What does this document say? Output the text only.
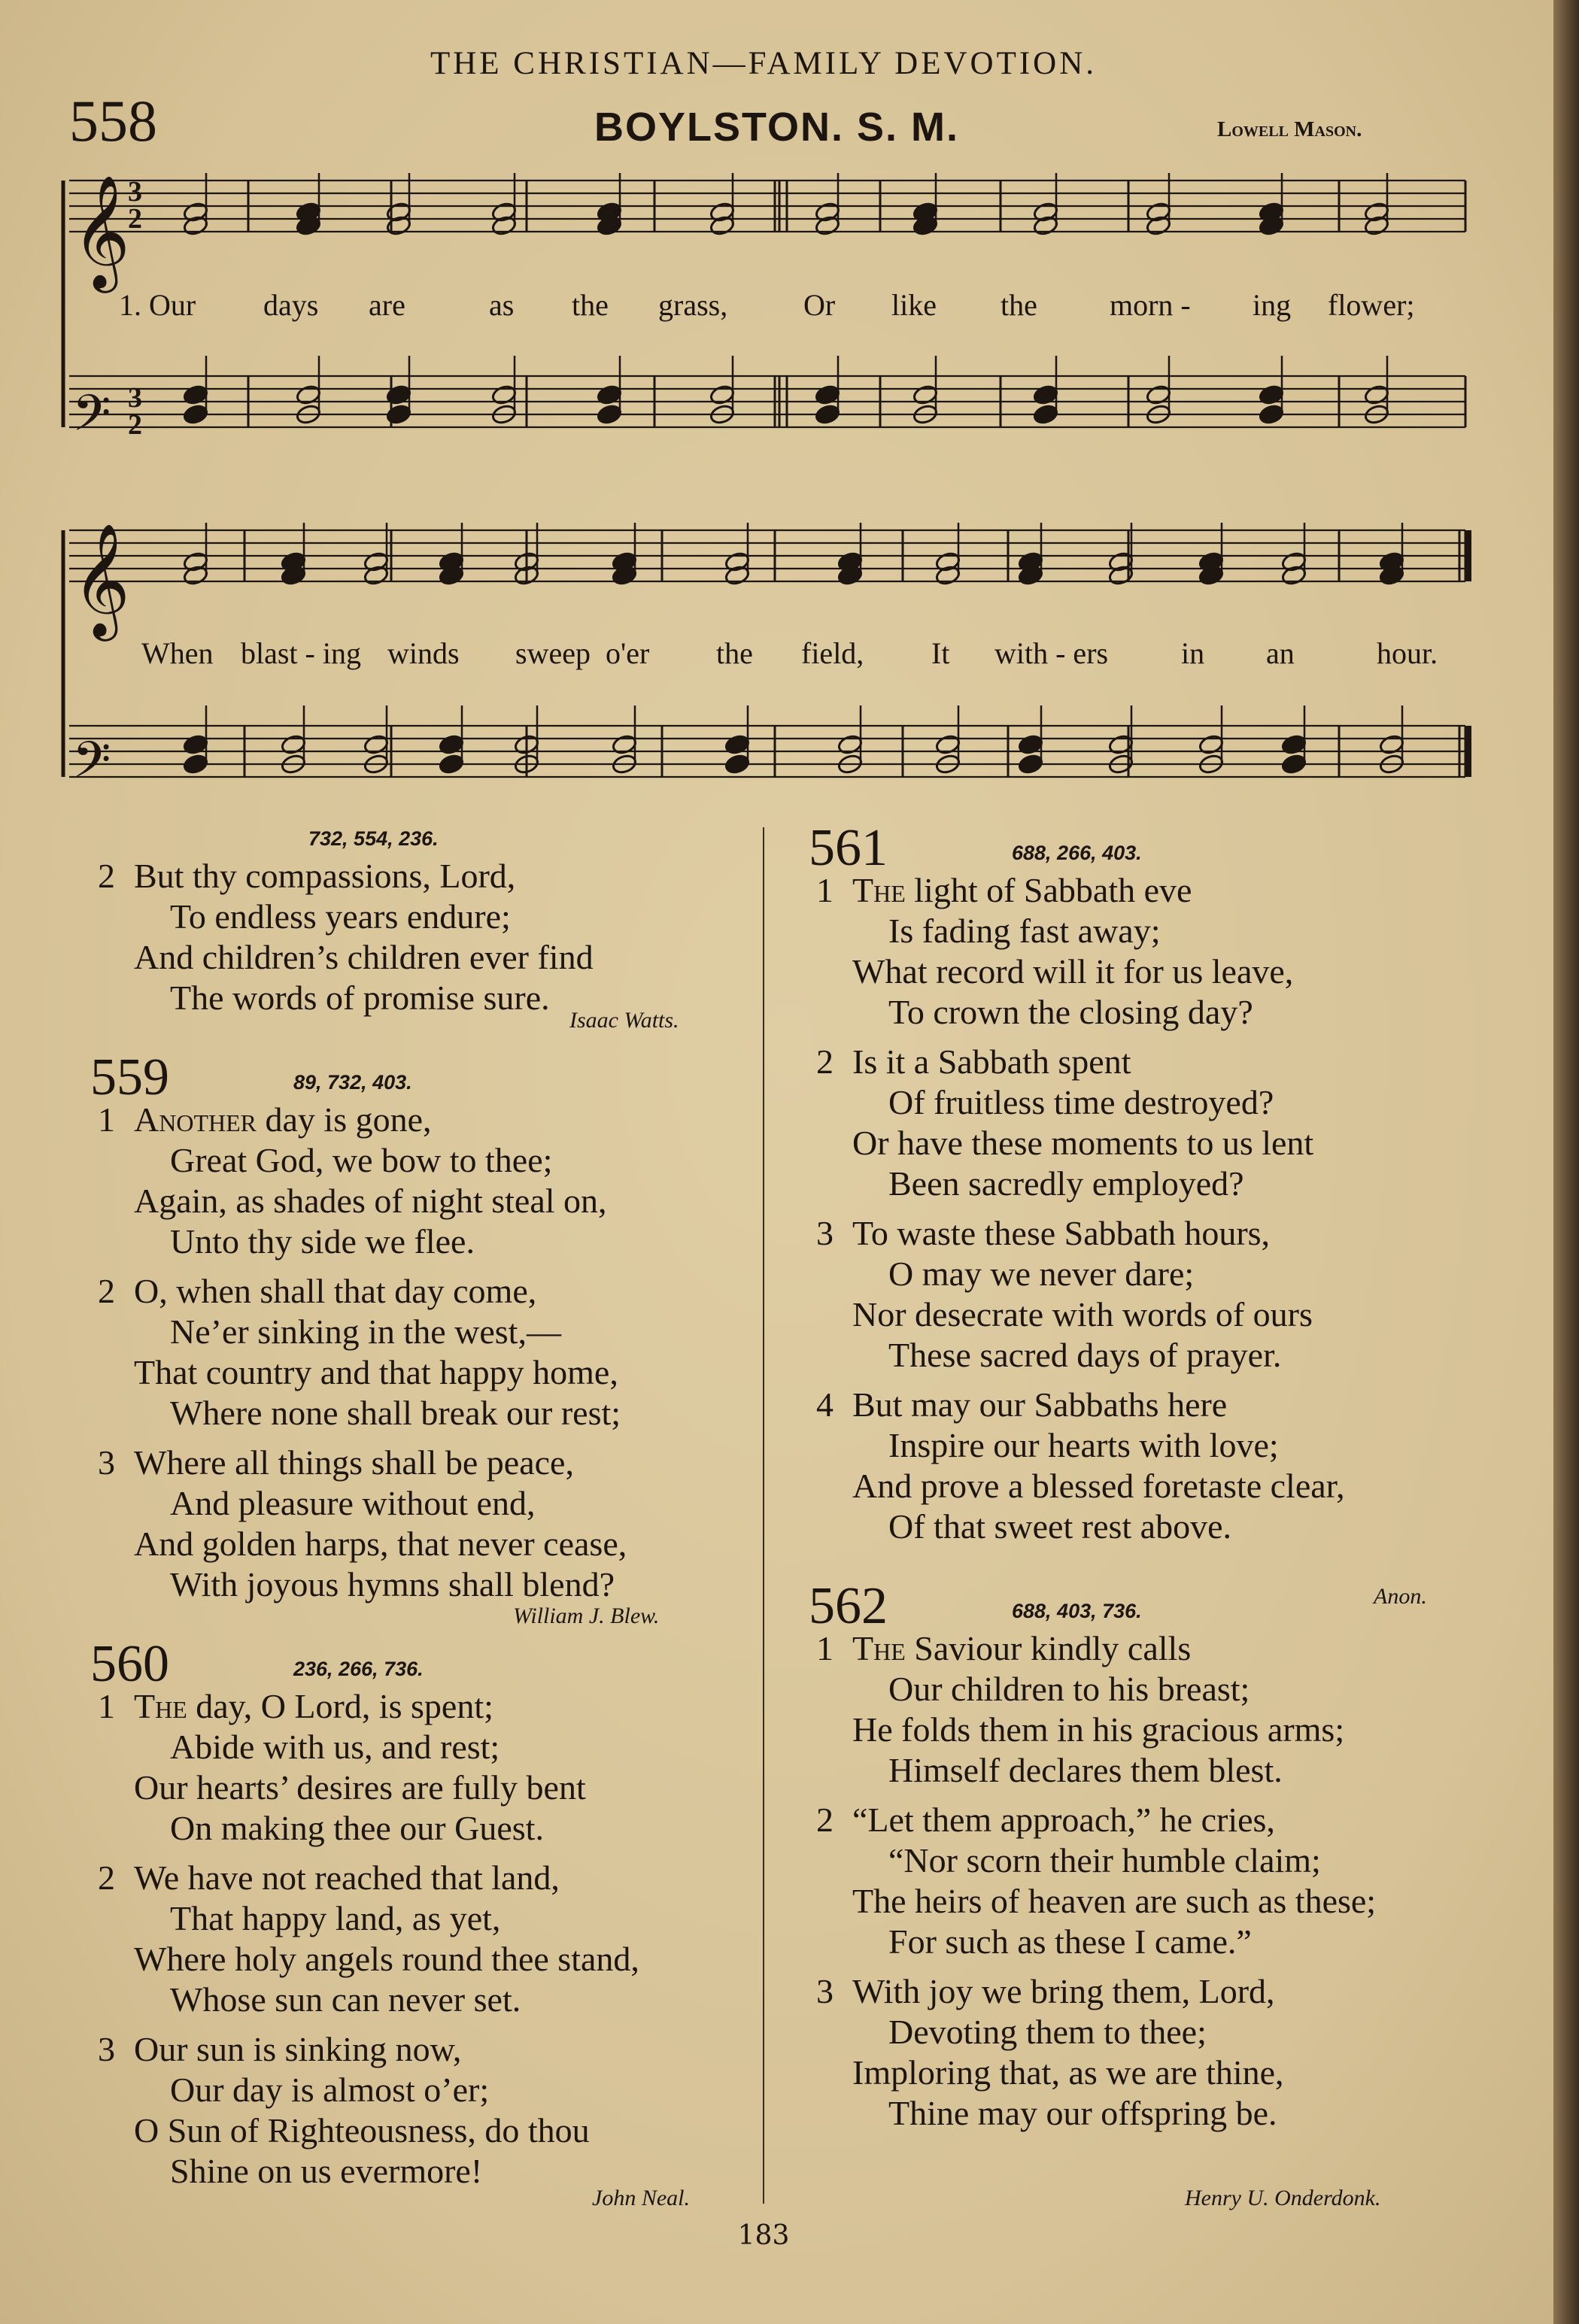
THE CHRISTIAN—FAMILY DEVOTION.
558	BOYLSTON. S. M.	Lowell Mason.
𝄞
𝄢
𝄞
𝄢
3
2
3
2
1. Our days are	as the grass,	Or like the morn - ing flower;
When blast - ing winds sweep o'er the field, It with - ers in an	hour.
732, 554, 236.
2 But thy compassions, Lord,
To endless years endure;
And children’s children ever find
The words of promise sure.
Isaac Watts.
559	89, 732, 403.
1 Another day is gone,
Great God, we bow to thee;
Again, as shades of night steal on,
Unto thy side we flee.
2 O, when shall that day come,
Ne’er sinking in the west,—
That country and that happy home,
Where none shall break our rest;
3 Where all things shall be peace,
And pleasure without end,
And golden harps, that never cease,
With joyous hymns shall blend?
William J. Blew.
560	236, 266, 736.
1 The day, O Lord, is spent;
Abide with us, and rest;
Our hearts’ desires are fully bent
On making thee our Guest.
2 We have not reached that land,
That happy land, as yet,
Where holy angels round thee stand,
Whose sun can never set.
3 Our sun is sinking now,
Our day is almost o’er;
O Sun of Righteousness, do thou
Shine on us evermore!
John Neal.
561	688, 266, 403.
1 The light of Sabbath eve
Is fading fast away;
What record will it for us leave,
To crown the closing day?
2 Is it a Sabbath spent
Of fruitless time destroyed?
Or have these moments to us lent
Been sacredly employed?
3 To waste these Sabbath hours,
O may we never dare;
Nor desecrate with words of ours
These sacred days of prayer.
4 But may our Sabbaths here
Inspire our hearts with love;
And prove a blessed foretaste clear,
Of that sweet rest above.
Anon.
562	688, 403, 736.
1 The Saviour kindly calls
Our children to his breast;
He folds them in his gracious arms;
Himself declares them blest.
2 “Let them approach,” he cries,
“Nor scorn their humble claim;
The heirs of heaven are such as these;
For such as these I came.”
3 With joy we bring them, Lord,
Devoting them to thee;
Imploring that, as we are thine,
Thine may our offspring be.
Henry U. Onderdonk.
183
